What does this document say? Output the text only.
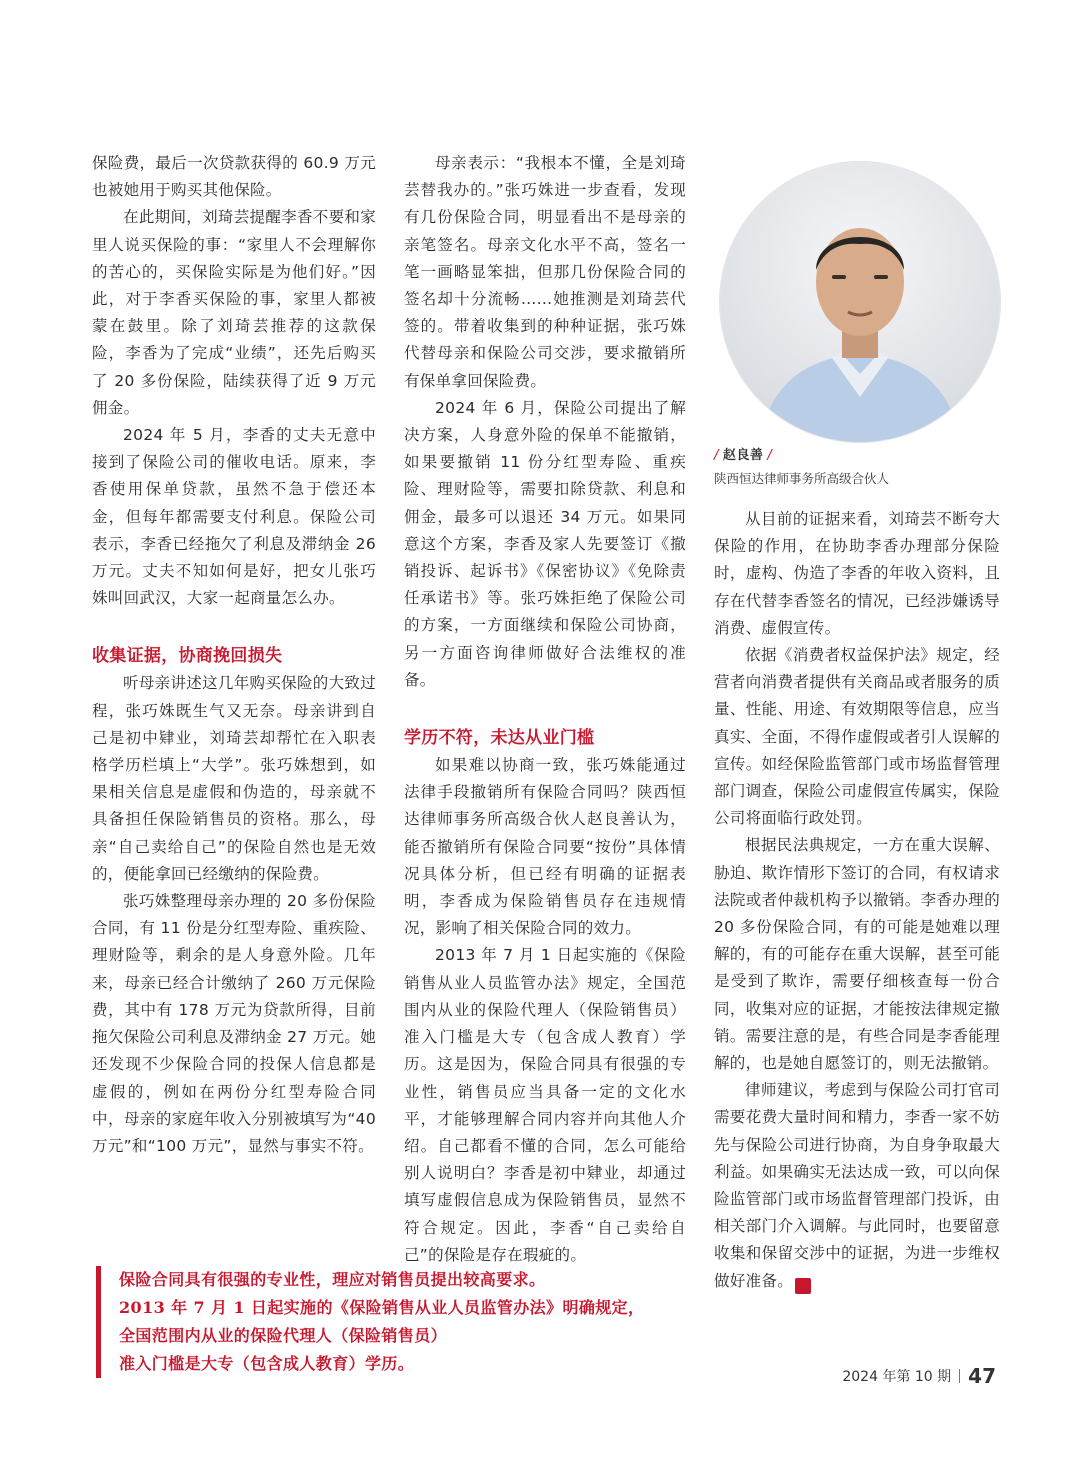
保险费，最后一次贷款获得的 60.9 万元也被她用于购买其他保险。

在此期间，刘琦芸提醒李香不要和家里人说买保险的事：“家里人不会理解你的苦心的，买保险实际是为他们好。”因此，对于李香买保险的事，家里人都被蒙在鼓里。除了刘琦芸推荐的这款保险，李香为了完成“业绩”，还先后购买了 20 多份保险，陆续获得了近 9 万元佣金。

2024 年 5 月，李香的丈夫无意中接到了保险公司的催收电话。原来，李香使用保单贷款，虽然不急于偿还本金，但每年都需要支付利息。保险公司表示，李香已经拖欠了利息及滞纳金 26 万元。丈夫不知如何是好，把女儿张巧姝叫回武汉，大家一起商量怎么办。

收集证据，协商挽回损失

听母亲讲述这几年购买保险的大致过程，张巧姝既生气又无奈。母亲讲到自己是初中肄业，刘琦芸却帮忙在入职表格学历栏填上“大学”。张巧姝想到，如果相关信息是虚假和伪造的，母亲就不具备担任保险销售员的资格。那么，母亲“自己卖给自己”的保险自然也是无效的，便能拿回已经缴纳的保险费。

张巧姝整理母亲办理的 20 多份保险合同，有 11 份是分红型寿险、重疾险、理财险等，剩余的是人身意外险。几年来，母亲已经合计缴纳了 260 万元保险费，其中有 178 万元为贷款所得，目前拖欠保险公司利息及滞纳金 27 万元。她还发现不少保险合同的投保人信息都是虚假的，例如在两份分红型寿险合同中，母亲的家庭年收入分别被填写为“40 万元”和“100 万元”，显然与事实不符。

母亲表示：“我根本不懂，全是刘琦芸替我办的。”张巧姝进一步查看，发现有几份保险合同，明显看出不是母亲的亲笔签名。母亲文化水平不高，签名一笔一画略显笨拙，但那几份保险合同的签名却十分流畅……她推测是刘琦芸代签的。带着收集到的种种证据，张巧姝代替母亲和保险公司交涉，要求撤销所有保单拿回保险费。

2024 年 6 月，保险公司提出了解决方案，人身意外险的保单不能撤销，如果要撤销 11 份分红型寿险、重疾险、理财险等，需要扣除贷款、利息和佣金，最多可以退还 34 万元。如果同意这个方案，李香及家人先要签订《撤销投诉、起诉书》《保密协议》《免除责任承诺书》等。张巧姝拒绝了保险公司的方案，一方面继续和保险公司协商，另一方面咨询律师做好合法维权的准备。

学历不符，未达从业门槛

如果难以协商一致，张巧姝能通过法律手段撤销所有保险合同吗？陕西恒达律师事务所高级合伙人赵良善认为，能否撤销所有保险合同要“按份”具体情况具体分析，但已经有明确的证据表明，李香成为保险销售员存在违规情况，影响了相关保险合同的效力。

2013 年 7 月 1 日起实施的《保险销售从业人员监管办法》规定，全国范围内从业的保险代理人（保险销售员）准入门槛是大专（包含成人教育）学历。这是因为，保险合同具有很强的专业性，销售员应当具备一定的文化水平，才能够理解合同内容并向其他人介绍。自己都看不懂的合同，怎么可能给别人说明白？李香是初中肄业，却通过填写虚假信息成为保险销售员，显然不符合规定。因此，李香“自己卖给自己”的保险是存在瑕疵的。

/ 赵良善 /
陕西恒达律师事务所高级合伙人

从目前的证据来看，刘琦芸不断夸大保险的作用，在协助李香办理部分保险时，虚构、伪造了李香的年收入资料，且存在代替李香签名的情况，已经涉嫌诱导消费、虚假宣传。

依据《消费者权益保护法》规定，经营者向消费者提供有关商品或者服务的质量、性能、用途、有效期限等信息，应当真实、全面，不得作虚假或者引人误解的宣传。如经保险监管部门或市场监督管理部门调查，保险公司虚假宣传属实，保险公司将面临行政处罚。

根据民法典规定，一方在重大误解、胁迫、欺诈情形下签订的合同，有权请求法院或者仲裁机构予以撤销。李香办理的 20 多份保险合同，有的可能是她难以理解的，有的可能存在重大误解，甚至可能是受到了欺诈，需要仔细核查每一份合同，收集对应的证据，才能按法律规定撤销。需要注意的是，有些合同是李香能理解的，也是她自愿签订的，则无法撤销。

律师建议，考虑到与保险公司打官司需要花费大量时间和精力，李香一家不妨先与保险公司进行协商，为自身争取最大利益。如果确实无法达成一致，可以向保险监管部门或市场监督管理部门投诉，由相关部门介入调解。与此同时，也要留意收集和保留交涉中的证据，为进一步维权做好准备。	Z

保险合同具有很强的专业性，理应对销售员提出较高要求。
2013 年 7 月 1 日起实施的《保险销售从业人员监管办法》明确规定，
全国范围内从业的保险代理人（保险销售员）
准入门槛是大专（包含成人教育）学历。
2024 年第 10 期 47
